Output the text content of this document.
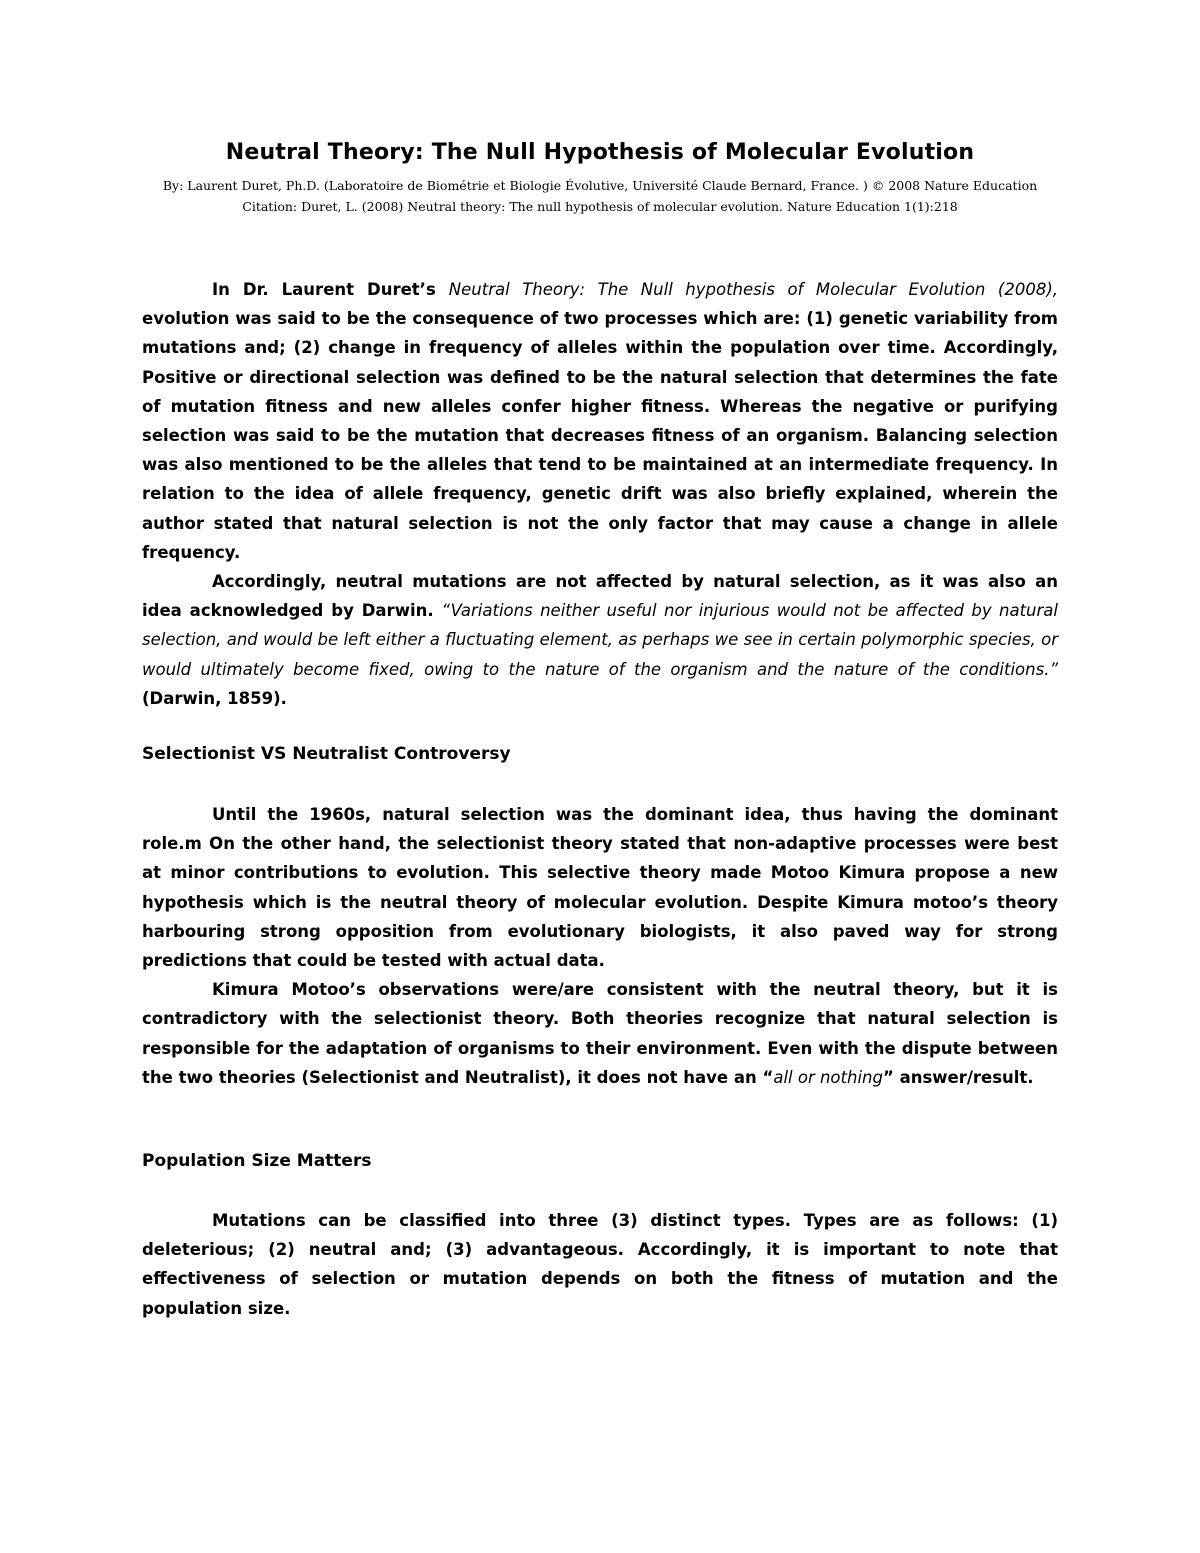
Neutral Theory: The Null Hypothesis of Molecular Evolution
By: Laurent Duret, Ph.D. (Laboratoire de Biométrie et Biologie Évolutive, Université Claude Bernard, France. ) © 2008 Nature Education
Citation: Duret, L. (2008) Neutral theory: The null hypothesis of molecular evolution. Nature Education 1(1):218

In Dr. Laurent Duret’s Neutral Theory: The Null hypothesis of Molecular Evolution (2008), evolution was said to be the consequence of two processes which are: (1) genetic variability from mutations and; (2) change in frequency of alleles within the population over time. Accordingly, Positive or directional selection was defined to be the natural selection that determines the fate of mutation fitness and new alleles confer higher fitness. Whereas the negative or purifying selection was said to be the mutation that decreases fitness of an organism. Balancing selection was also mentioned to be the alleles that tend to be maintained at an intermediate frequency. In relation to the idea of allele frequency, genetic drift was also briefly explained, wherein the author stated that natural selection is not the only factor that may cause a change in allele frequency.

Accordingly, neutral mutations are not affected by natural selection, as it was also an idea acknowledged by Darwin. “Variations neither useful nor injurious would not be affected by natural selection, and would be left either a fluctuating element, as perhaps we see in certain polymorphic species, or would ultimately become fixed, owing to the nature of the organism and the nature of the conditions.” (Darwin, 1859).

Selectionist VS Neutralist Controversy

Until the 1960s, natural selection was the dominant idea, thus having the dominant role.m On the other hand, the selectionist theory stated that non-adaptive processes were best at minor contributions to evolution. This selective theory made Motoo Kimura propose a new hypothesis which is the neutral theory of molecular evolution. Despite Kimura motoo’s theory harbouring strong opposition from evolutionary biologists, it also paved way for strong predictions that could be tested with actual data.

Kimura Motoo’s observations were/are consistent with the neutral theory, but it is contradictory with the selectionist theory. Both theories recognize that natural selection is responsible for the adaptation of organisms to their environment. Even with the dispute between the two theories (Selectionist and Neutralist), it does not have an “all or nothing” answer/result.

Population Size Matters

Mutations can be classified into three (3) distinct types. Types are as follows: (1) deleterious; (2) neutral and; (3) advantageous. Accordingly, it is important to note that effectiveness of selection or mutation depends on both the fitness of mutation and the population size.
